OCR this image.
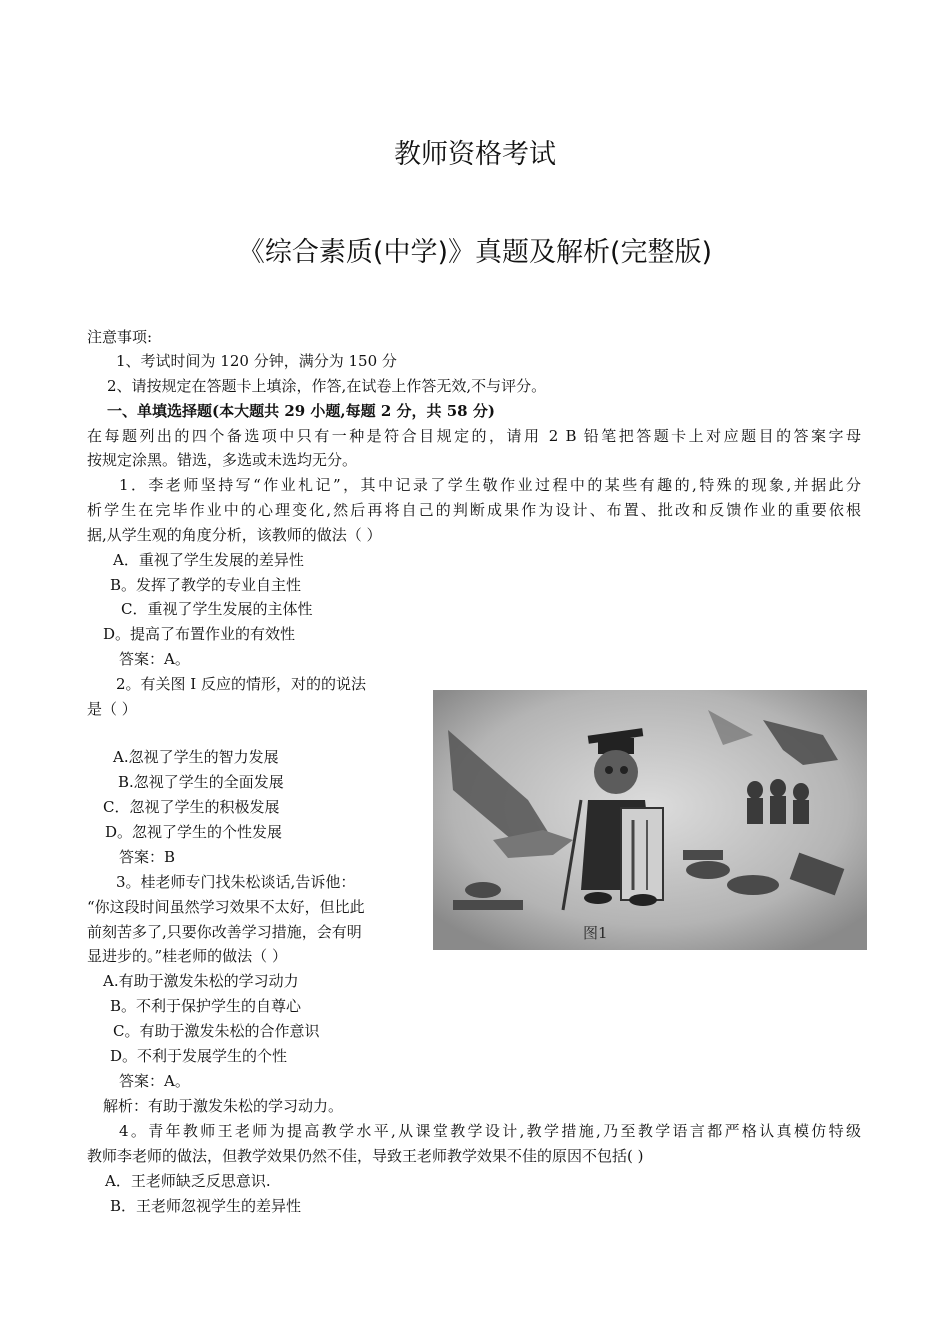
教师资格考试
《综合素质(中学)》真题及解析(完整版)
注意事项:
1、考试时间为 120 分钟，满分为 150 分
2、请按规定在答题卡上填涂，作答,在试卷上作答无效,不与评分。
一、单填选择题(本大题共 29 小题,每题 2 分，共 58 分)
在每题列出的四个备选项中只有一种是符合目规定的，请用 2 B 铅笔把答题卡上对应题目的答案字母
按规定涂黑。错选，多选或未选均无分。
1．李老师坚持写“作业札记”，其中记录了学生敬作业过程中的某些有趣的,特殊的现象,并据此分
析学生在完毕作业中的心理变化,然后再将自己的判断成果作为设计、布置、批改和反馈作业的重要依根
据,从学生观的角度分析，该教师的做法（ ）
A．重视了学生发展的差异性
B。发挥了教学的专业自主性
C．重视了学生发展的主体性
D。提高了布置作业的有效性
答案：A。
2。有关图 I 反应的情形，对的的说法
是（ ）
A.忽视了学生的智力发展
B.忽视了学生的全面发展
C．忽视了学生的积极发展
D。忽视了学生的个性发展
答案：B
3。桂老师专门找朱松谈话,告诉他：
“你这段时间虽然学习效果不太好，但比此
前刻苦多了,只要你改善学习措施，会有明
显进步的。”桂老师的做法（ ）
A.有助于激发朱松的学习动力
B。不利于保护学生的自尊心
C。有助于激发朱松的合作意识
D。不利于发展学生的个性
答案：A。
解析：有助于激发朱松的学习动力。
4。青年教师王老师为提高教学水平,从课堂教学设计,教学措施,乃至教学语言都严格认真模仿特级
教师李老师的做法，但教学效果仍然不佳，导致王老师教学效果不佳的原因不包括( )
A．王老师缺乏反思意识.
B．王老师忽视学生的差异性
图1
